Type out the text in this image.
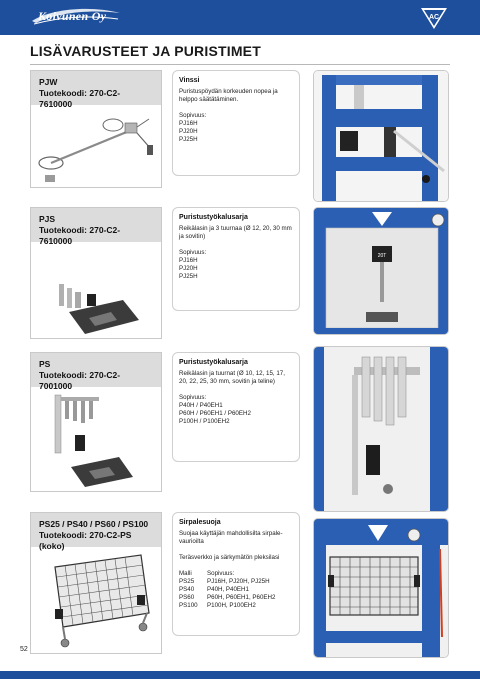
Koivunen Oy	AC
LISÄVARUSTEET JA PURISTIMET
PJW
Tuotekoodi: 270-C2-7610000
Vinssi
Puristuspöydän korkeuden nopea ja helppo säätätäminen.
Sopivuus:
PJ16H
PJ20H
PJ25H
PJS
Tuotekoodi: 270-C2-7610000
Puristustyökalusarja
Reikälasin ja 3 tuurnaa (Ø 12, 20, 30 mm ja sovitin)
Sopivuus:
PJ16H
PJ20H
PJ25H
20T
PS
Tuotekoodi: 270-C2-7001000
Puristustyökalusarja
Reikälasin ja tuurnat (Ø 10, 12, 15, 17, 20, 22, 25, 30 mm, sovitin ja teline)
Sopivuus:
P40H / P40EH1
P60H / P60EH1 / P60EH2
P100H / P100EH2
PS25 / PS40 / PS60 / PS100
Tuotekoodi: 270-C2-PS (koko)
Sirpalesuoja
Suojaa käyttäjän mahdollisilta sirpale-vaurioilta
Teräsverkko ja särkymätön pleksilasi
Malli	Sopivuus:
PS25	PJ16H, PJ20H, PJ25H
PS40	P40H, P40EH1
PS60	P60H, P60EH1, P60EH2
PS100	P100H, P100EH2
52
